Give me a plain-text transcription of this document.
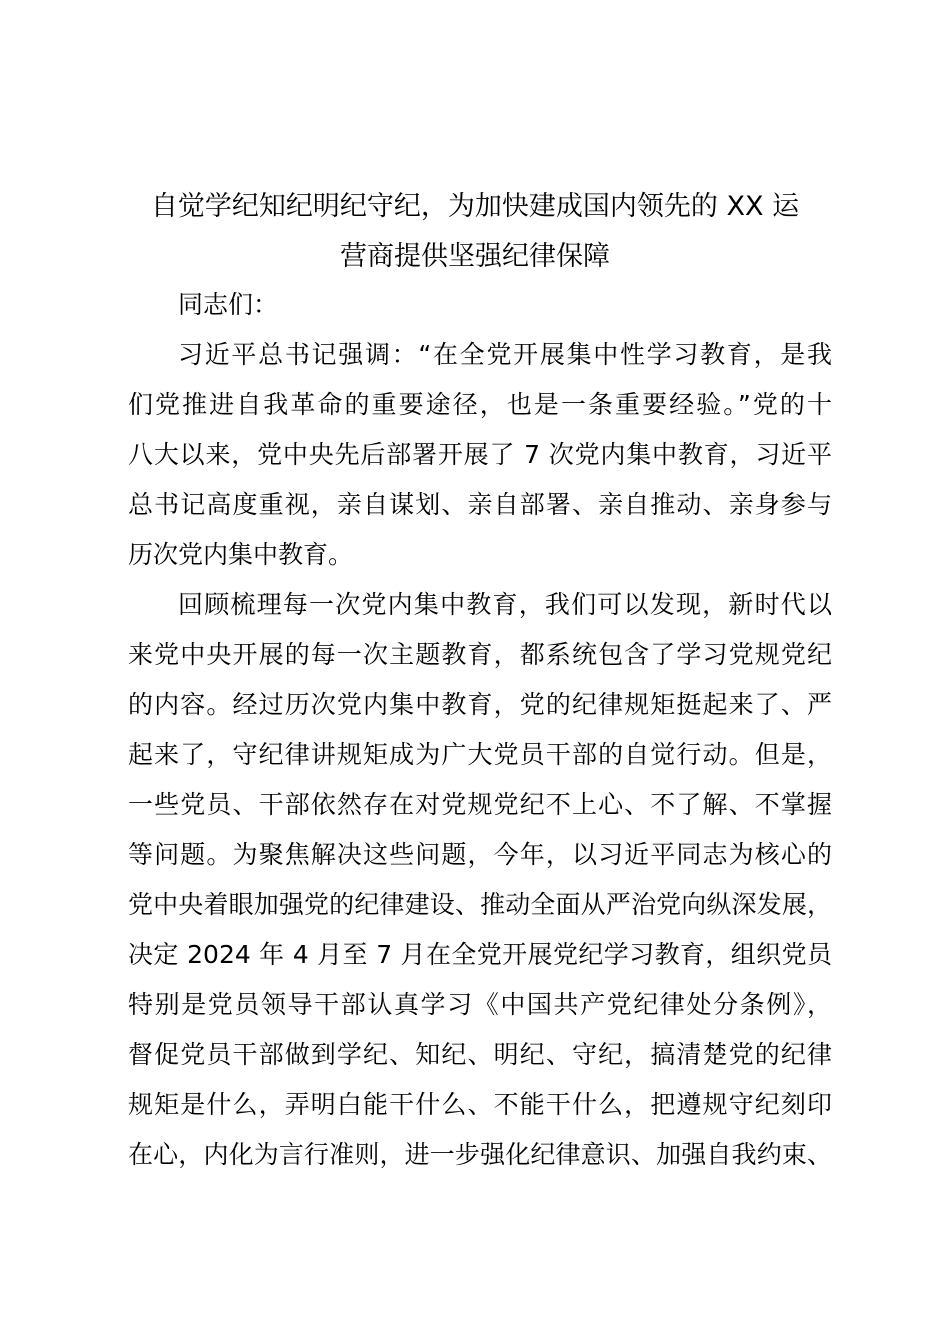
自觉学纪知纪明纪守纪，为加快建成国内领先的 XX 运
营商提供坚强纪律保障

同志们：

习近平总书记强调：“在全党开展集中性学习教育，是我

们党推进自我革命的重要途径，也是一条重要经验。”党的十

八大以来，党中央先后部署开展了 7 次党内集中教育，习近平

总书记高度重视，亲自谋划、亲自部署、亲自推动、亲身参与

历次党内集中教育。

回顾梳理每一次党内集中教育，我们可以发现，新时代以

来党中央开展的每一次主题教育，都系统包含了学习党规党纪

的内容。经过历次党内集中教育，党的纪律规矩挺起来了、严

起来了，守纪律讲规矩成为广大党员干部的自觉行动。但是，

一些党员、干部依然存在对党规党纪不上心、不了解、不掌握

等问题。为聚焦解决这些问题，今年，以习近平同志为核心的

党中央着眼加强党的纪律建设、推动全面从严治党向纵深发展，

决定 2024 年 4 月至 7 月在全党开展党纪学习教育，组织党员

特别是党员领导干部认真学习《中国共产党纪律处分条例》，

督促党员干部做到学纪、知纪、明纪、守纪，搞清楚党的纪律

规矩是什么，弄明白能干什么、不能干什么，把遵规守纪刻印

在心，内化为言行准则，进一步强化纪律意识、加强自我约束、
